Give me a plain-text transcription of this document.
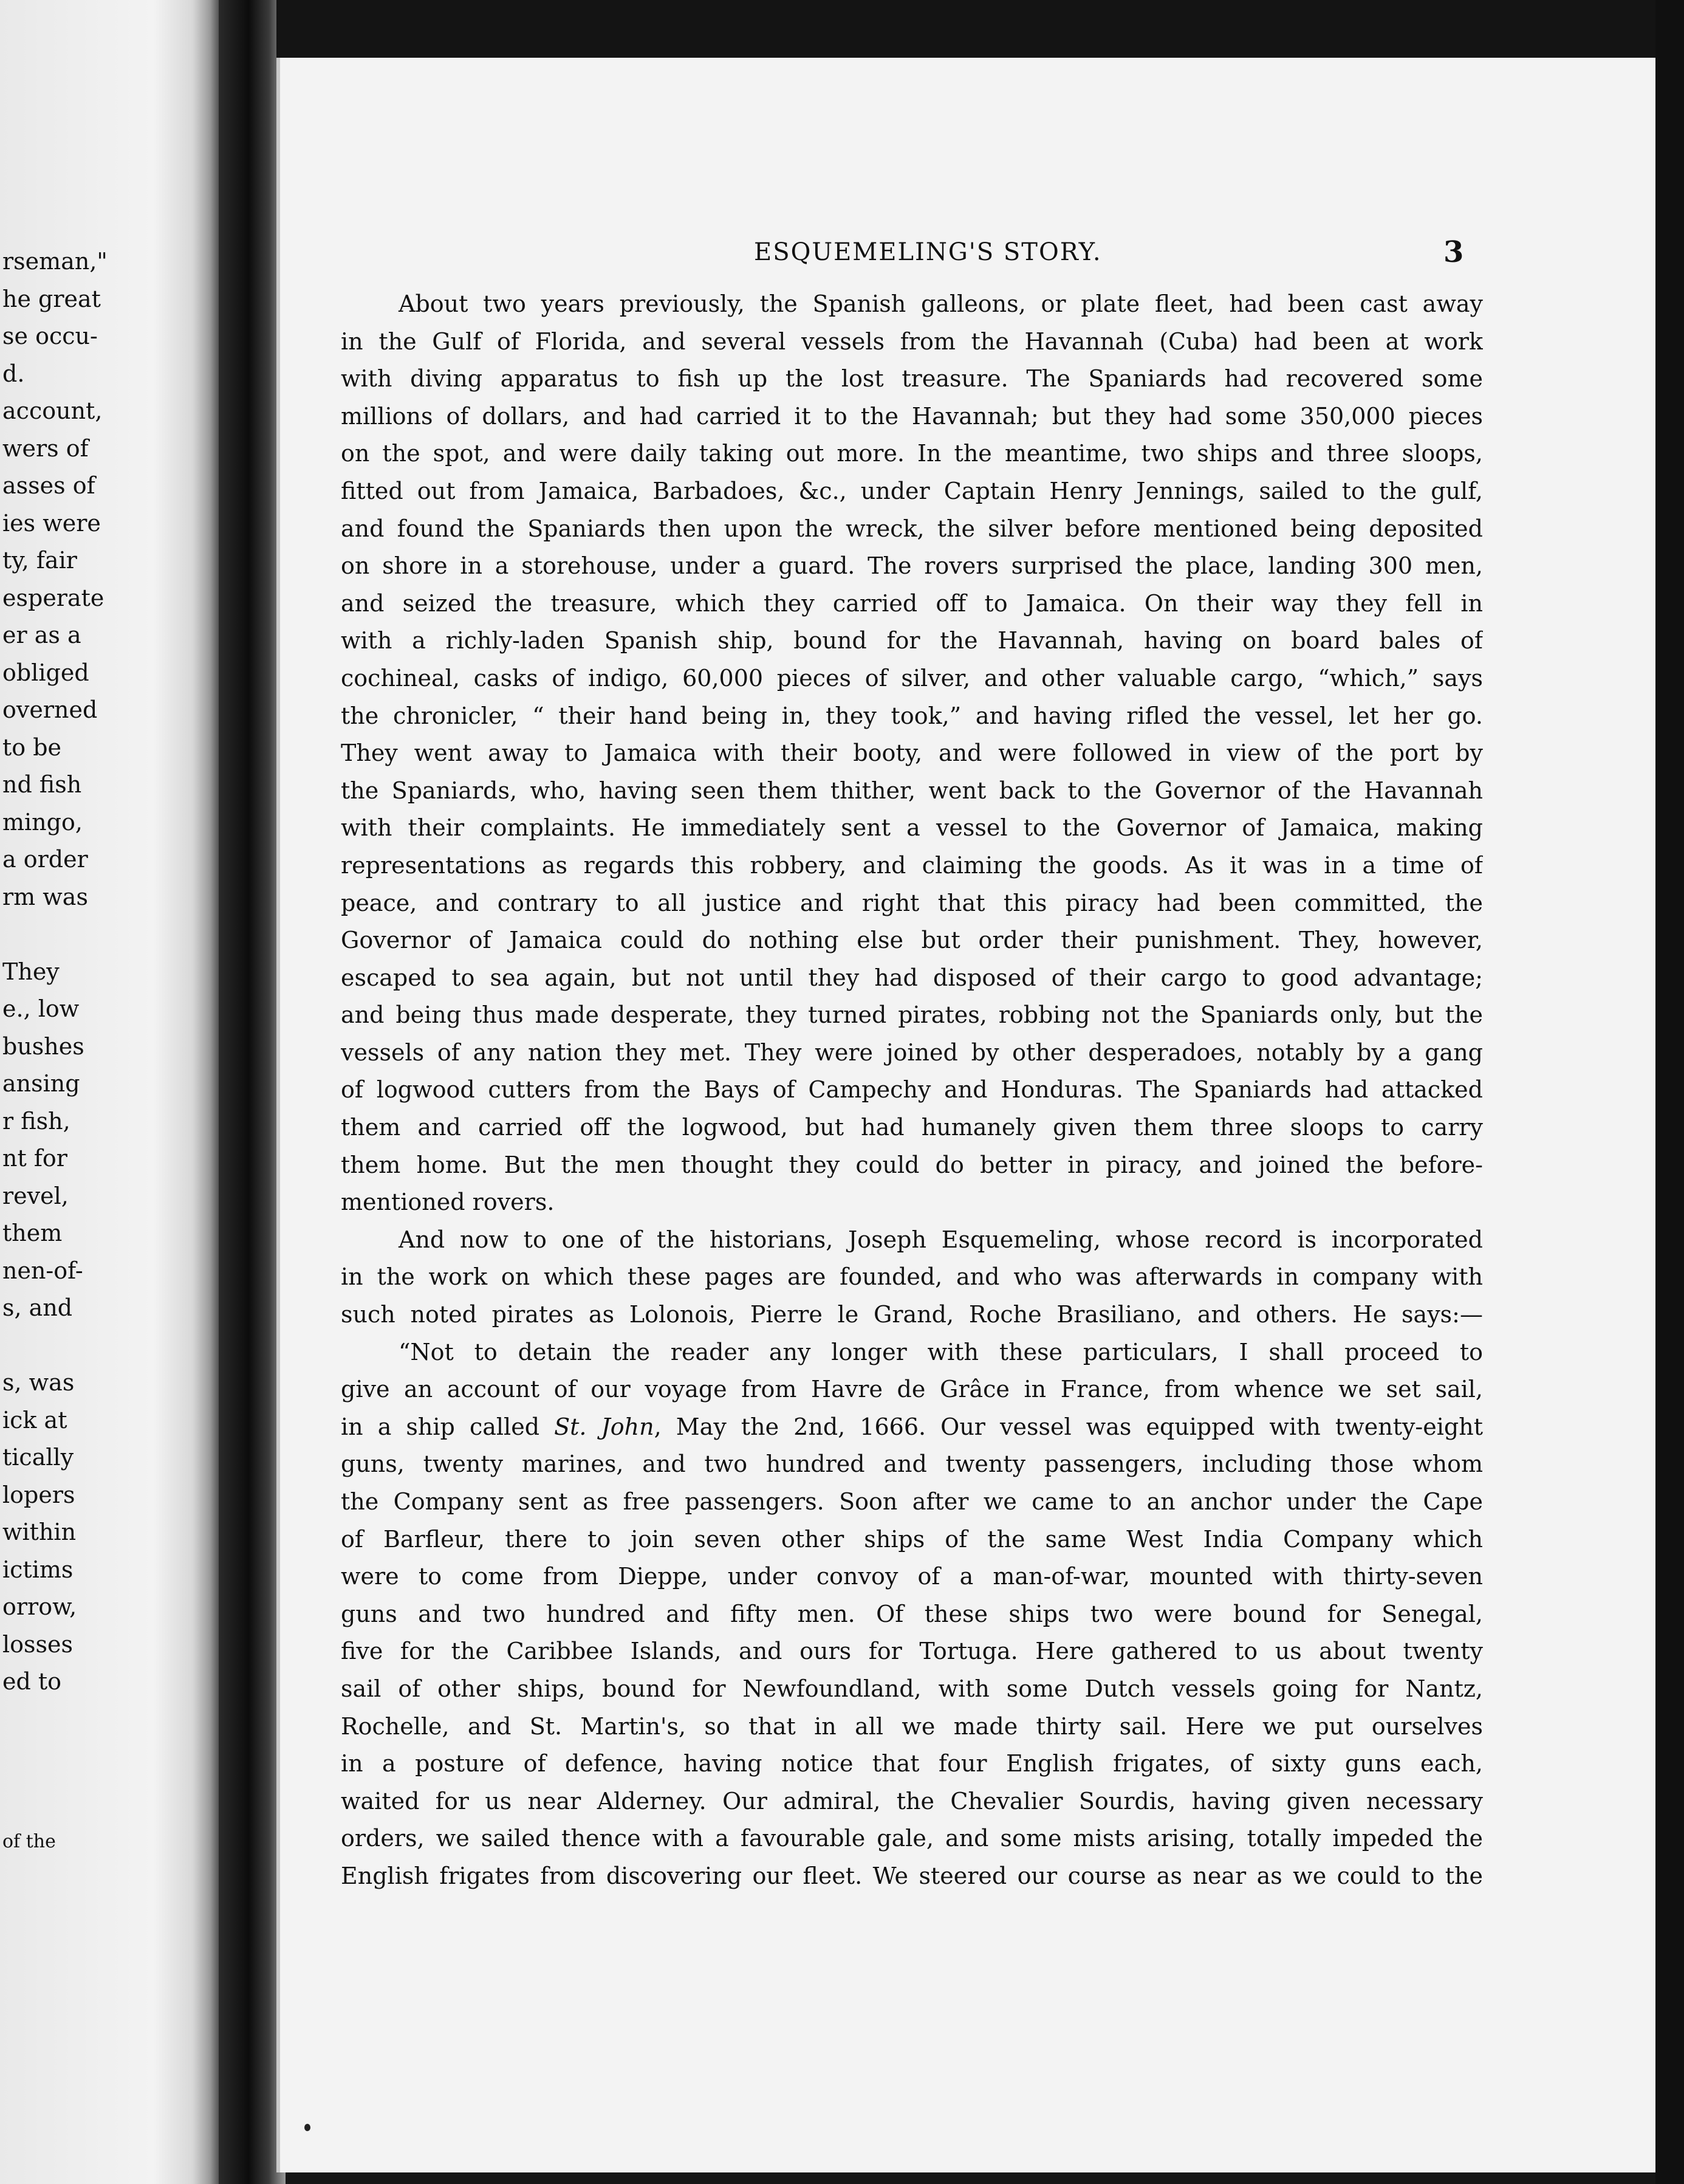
rseman,"
he great
se occu-
d.
account,
wers of
asses of
ies were
ty, fair
esperate
er as a
obliged
overned
to be
nd fish
mingo,
a order
rm was
They
e., low
bushes
ansing
r fish,
nt for
revel,
them
nen-of-
s, and
s, was
ick at
tically
lopers
within
ictims
orrow,
losses
ed to
of the
ESQUEMELING'S STORY.	3
About two years previously, the Spanish galleons, or plate fleet, had been cast away
in the Gulf of Florida, and several vessels from the Havannah (Cuba) had been at work
with diving apparatus to fish up the lost treasure. The Spaniards had recovered some
millions of dollars, and had carried it to the Havannah; but they had some 350,000 pieces
on the spot, and were daily taking out more. In the meantime, two ships and three sloops,
fitted out from Jamaica, Barbadoes, &c., under Captain Henry Jennings, sailed to the gulf,
and found the Spaniards then upon the wreck, the silver before mentioned being deposited
on shore in a storehouse, under a guard. The rovers surprised the place, landing 300 men,
and seized the treasure, which they carried off to Jamaica. On their way they fell in
with a richly-laden Spanish ship, bound for the Havannah, having on board bales of
cochineal, casks of indigo, 60,000 pieces of silver, and other valuable cargo, “which,” says
the chronicler, “ their hand being in, they took,” and having rifled the vessel, let her go.
They went away to Jamaica with their booty, and were followed in view of the port by
the Spaniards, who, having seen them thither, went back to the Governor of the Havannah
with their complaints. He immediately sent a vessel to the Governor of Jamaica, making
representations as regards this robbery, and claiming the goods. As it was in a time of
peace, and contrary to all justice and right that this piracy had been committed, the
Governor of Jamaica could do nothing else but order their punishment. They, however,
escaped to sea again, but not until they had disposed of their cargo to good advantage;
and being thus made desperate, they turned pirates, robbing not the Spaniards only, but the
vessels of any nation they met. They were joined by other desperadoes, notably by a gang
of logwood cutters from the Bays of Campechy and Honduras. The Spaniards had attacked
them and carried off the logwood, but had humanely given them three sloops to carry
them home. But the men thought they could do better in piracy, and joined the before-
mentioned rovers.
And now to one of the historians, Joseph Esquemeling, whose record is incorporated
in the work on which these pages are founded, and who was afterwards in company with
such noted pirates as Lolonois, Pierre le Grand, Roche Brasiliano, and others. He says:—
“Not to detain the reader any longer with these particulars, I shall proceed to
give an account of our voyage from Havre de Grâce in France, from whence we set sail,
in a ship called St. John, May the 2nd, 1666. Our vessel was equipped with twenty-eight
guns, twenty marines, and two hundred and twenty passengers, including those whom
the Company sent as free passengers. Soon after we came to an anchor under the Cape
of Barfleur, there to join seven other ships of the same West India Company which
were to come from Dieppe, under convoy of a man-of-war, mounted with thirty-seven
guns and two hundred and fifty men. Of these ships two were bound for Senegal,
five for the Caribbee Islands, and ours for Tortuga. Here gathered to us about twenty
sail of other ships, bound for Newfoundland, with some Dutch vessels going for Nantz,
Rochelle, and St. Martin's, so that in all we made thirty sail. Here we put ourselves
in a posture of defence, having notice that four English frigates, of sixty guns each,
waited for us near Alderney. Our admiral, the Chevalier Sourdis, having given necessary
orders, we sailed thence with a favourable gale, and some mists arising, totally impeded the
English frigates from discovering our fleet. We steered our course as near as we could to the
